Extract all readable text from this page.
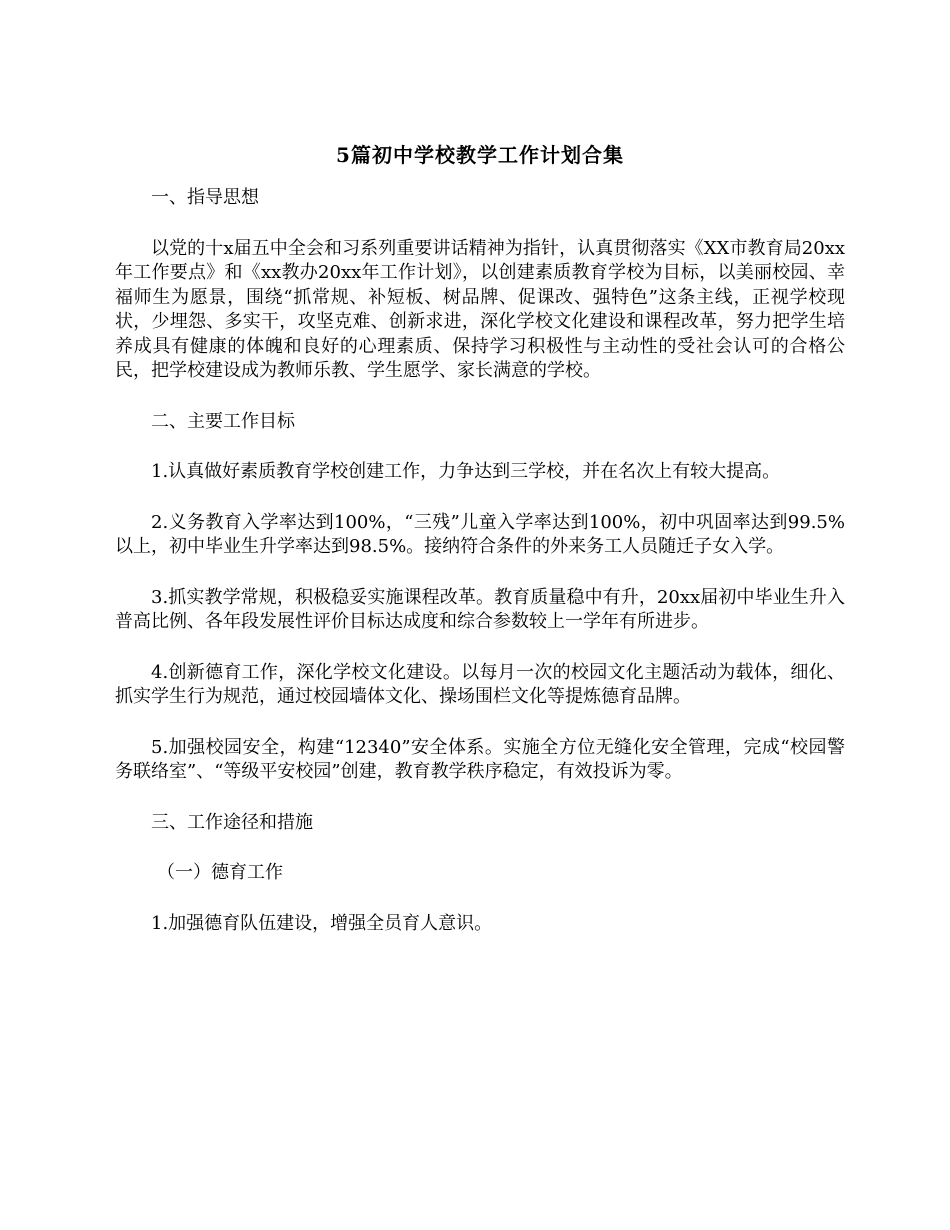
5篇初中学校教学工作计划合集
一、指导思想
以党的十x届五中全会和习系列重要讲话精神为指针，认真贯彻落实《XX市教育局20xx年工作要点》和《xx教办20xx年工作计划》，以创建素质教育学校为目标，以美丽校园、幸福师生为愿景，围绕“抓常规、补短板、树品牌、促课改、强特色”这条主线，正视学校现状，少埋怨、多实干，攻坚克难、创新求进，深化学校文化建设和课程改革，努力把学生培养成具有健康的体魄和良好的心理素质、保持学习积极性与主动性的受社会认可的合格公民，把学校建设成为教师乐教、学生愿学、家长满意的学校。
二、主要工作目标
1.认真做好素质教育学校创建工作，力争达到三学校，并在名次上有较大提高。
2.义务教育入学率达到100%，“三残”儿童入学率达到100%，初中巩固率达到99.5%以上，初中毕业生升学率达到98.5%。接纳符合条件的外来务工人员随迁子女入学。
3.抓实教学常规，积极稳妥实施课程改革。教育质量稳中有升，20xx届初中毕业生升入普高比例、各年段发展性评价目标达成度和综合参数较上一学年有所进步。
4.创新德育工作，深化学校文化建设。以每月一次的校园文化主题活动为载体，细化、抓实学生行为规范，通过校园墙体文化、操场围栏文化等提炼德育品牌。
5.加强校园安全，构建“12340”安全体系。实施全方位无缝化安全管理，完成“校园警务联络室”、“等级平安校园”创建，教育教学秩序稳定，有效投诉为零。
三、工作途径和措施
（一）德育工作
1.加强德育队伍建设，增强全员育人意识。
